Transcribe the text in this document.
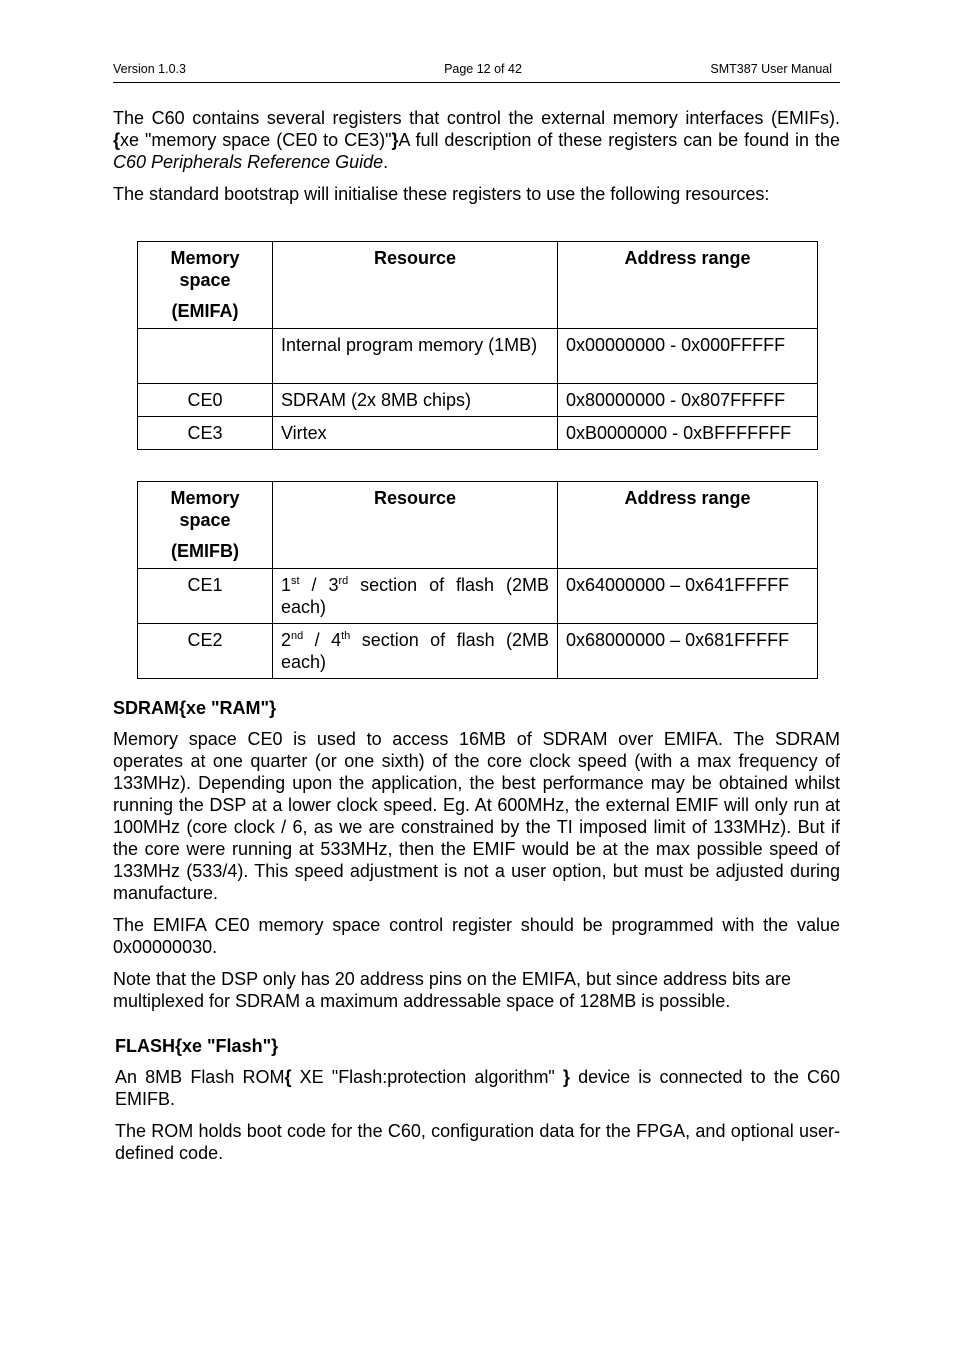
Version 1.0.3	Page 12 of 42	SMT387 User Manual

The C60 contains several registers that control the external memory interfaces (EMIFs). {xe "memory space (CE0 to CE3)"}A full description of these registers can be found in the C60 Peripherals Reference Guide.

The standard bootstrap will initialise these registers to use the following resources:

Memory
space
(EMIFA)	Resource	Address range
	Internal program memory (1MB)	0x00000000 - 0x000FFFFF
CE0	SDRAM (2x 8MB chips)	0x80000000 - 0x807FFFFF
CE3	Virtex	0xB0000000 - 0xBFFFFFFF
Memory
space
(EMIFB)	Resource	Address range
CE1	1st / 3rd section of flash (2MB each)	0x64000000 – 0x641FFFFF
CE2	2nd / 4th section of flash (2MB each)	0x68000000 – 0x681FFFFF
SDRAM{xe "RAM"}

Memory space CE0 is used to access 16MB of SDRAM over EMIFA. The SDRAM operates at one quarter (or one sixth) of the core clock speed (with a max frequency of 133MHz). Depending upon the application, the best performance may be obtained whilst running the DSP at a lower clock speed. Eg. At 600MHz, the external EMIF will only run at 100MHz (core clock / 6, as we are constrained by the TI imposed limit of 133MHz). But if the core were running at 533MHz, then the EMIF would be at the max possible speed of 133MHz (533/4). This speed adjustment is not a user option, but must be adjusted during manufacture.

The EMIFA CE0 memory space control register should be programmed with the value 0x00000030.

Note that the DSP only has 20 address pins on the EMIFA, but since address bits are multiplexed for SDRAM a maximum addressable space of 128MB is possible.

FLASH{xe "Flash"}

An 8MB Flash ROM{ XE "Flash:protection algorithm" } device is connected to the C60 EMIFB.

The ROM holds boot code for the C60, configuration data for the FPGA, and optional user-defined code.
